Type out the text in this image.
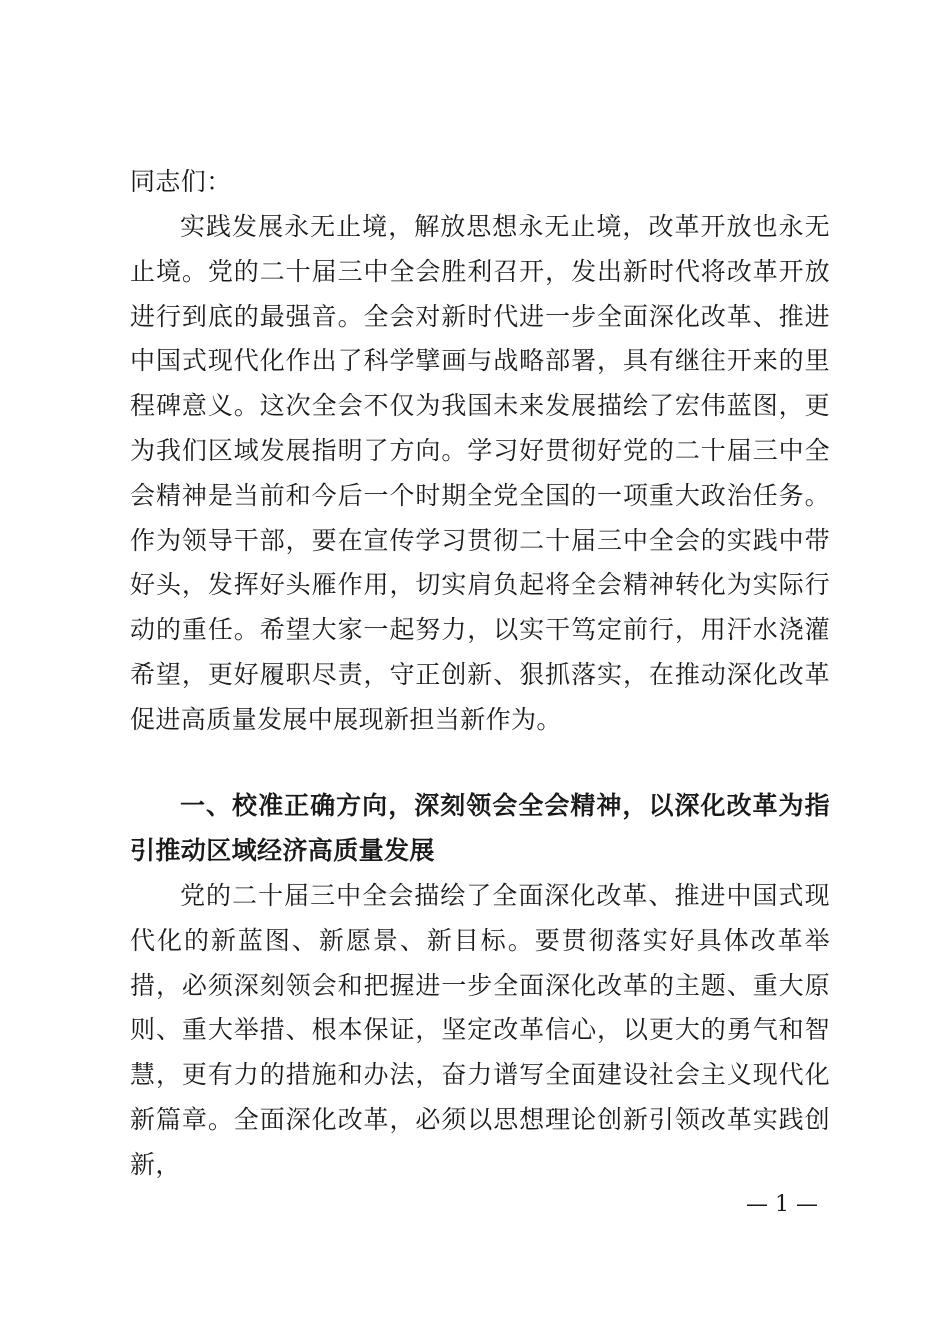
同志们：
实践发展永无止境，解放思想永无止境，改革开放也永无止境。党的二十届三中全会胜利召开，发出新时代将改革开放进行到底的最强音。全会对新时代进一步全面深化改革、推进中国式现代化作出了科学擘画与战略部署，具有继往开来的里程碑意义。这次全会不仅为我国未来发展描绘了宏伟蓝图，更为我们区域发展指明了方向。学习好贯彻好党的二十届三中全会精神是当前和今后一个时期全党全国的一项重大政治任务。作为领导干部，要在宣传学习贯彻二十届三中全会的实践中带好头，发挥好头雁作用，切实肩负起将全会精神转化为实际行动的重任。希望大家一起努力，以实干笃定前行，用汗水浇灌希望，更好履职尽责，守正创新、狠抓落实，在推动深化改革促进高质量发展中展现新担当新作为。
一、校准正确方向，深刻领会全会精神，以深化改革为指引推动区域经济高质量发展
党的二十届三中全会描绘了全面深化改革、推进中国式现代化的新蓝图、新愿景、新目标。要贯彻落实好具体改革举措，必须深刻领会和把握进一步全面深化改革的主题、重大原则、重大举措、根本保证，坚定改革信心，以更大的勇气和智慧，更有力的措施和办法，奋力谱写全面建设社会主义现代化新篇章。全面深化改革，必须以思想理论创新引领改革实践创新，
— 1 —
